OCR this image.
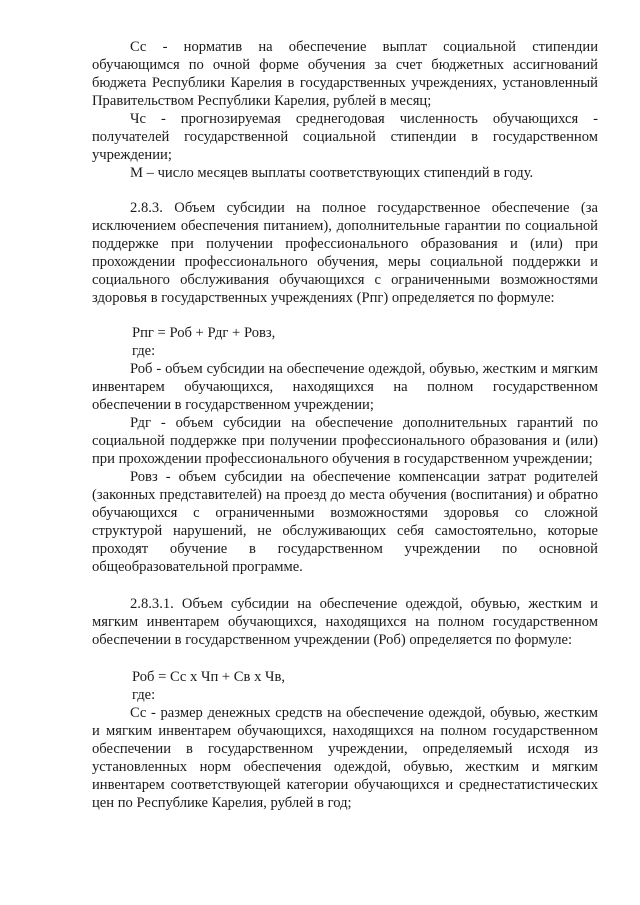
Сс - норматив на обеспечение выплат социальной стипендии обучающимся по очной форме обучения за счет бюджетных ассигнований бюджета Республики Карелия в государственных учреждениях, установленный Правительством Республики Карелия, рублей в месяц;

Чс - прогнозируемая среднегодовая численность обучающихся - получателей государственной социальной стипендии в государственном учреждении;

М – число месяцев выплаты соответствующих стипендий в году.

2.8.3. Объем субсидии на полное государственное обеспечение (за исключением обеспечения питанием), дополнительные гарантии по социальной поддержке при получении профессионального образования и (или) при прохождении профессионального обучения, меры социальной поддержки и социального обслуживания обучающихся с ограниченными возможностями здоровья в государственных учреждениях (Рпг) определяется по формуле:

Рпг = Роб + Рдг + Ровз,

где:

Роб - объем субсидии на обеспечение одеждой, обувью, жестким и мягким инвентарем обучающихся, находящихся на полном государственном обеспечении в государственном учреждении;

Рдг - объем субсидии на обеспечение дополнительных гарантий по социальной поддержке при получении профессионального образования и (или) при прохождении профессионального обучения в государственном учреждении;

Ровз - объем субсидии на обеспечение компенсации затрат родителей (законных представителей) на проезд до места обучения (воспитания) и обратно обучающихся с ограниченными возможностями здоровья со сложной структурой нарушений, не обслуживающих себя самостоятельно, которые проходят обучение в государственном учреждении по основной общеобразовательной программе.

2.8.3.1. Объем субсидии на обеспечение одеждой, обувью, жестким и мягким инвентарем обучающихся, находящихся на полном государственном обеспечении в государственном учреждении (Роб) определяется по формуле:

Роб = Сс х Чп + Св х Чв,

где:

Сс - размер денежных средств на обеспечение одеждой, обувью, жестким и мягким инвентарем обучающихся, находящихся на полном государственном обеспечении в государственном учреждении, определяемый исходя из установленных норм обеспечения одеждой, обувью, жестким и мягким инвентарем соответствующей категории обучающихся и среднестатистических цен по Республике Карелия, рублей в год;
